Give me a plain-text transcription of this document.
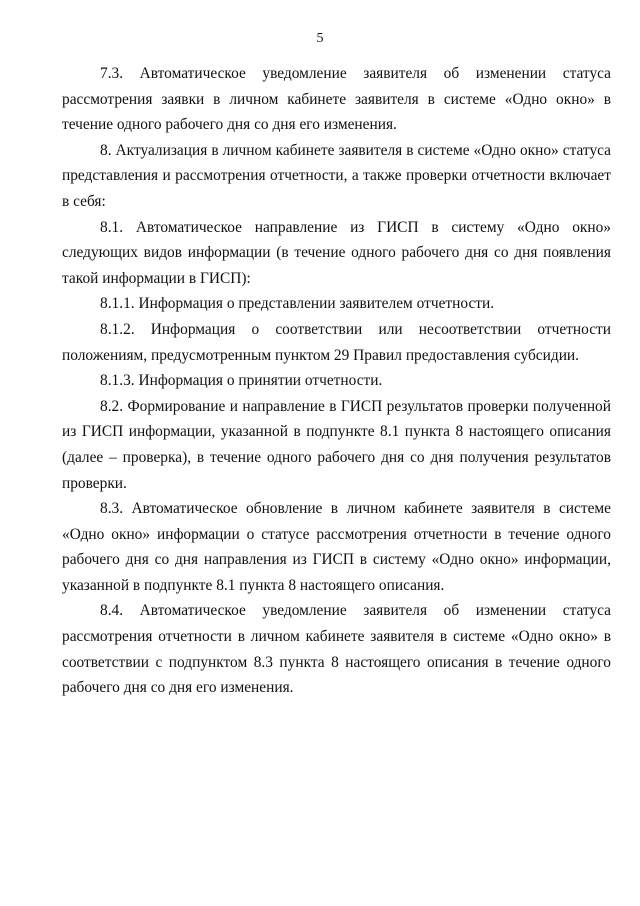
5

7.3. Автоматическое уведомление заявителя об изменении статуса рассмотрения заявки в личном кабинете заявителя в системе «Одно окно» в течение одного рабочего дня со дня его изменения.

8. Актуализация в личном кабинете заявителя в системе «Одно окно» статуса представления и рассмотрения отчетности, а также проверки отчетности включает в себя:

8.1. Автоматическое направление из ГИСП в систему «Одно окно» следующих видов информации (в течение одного рабочего дня со дня появления такой информации в ГИСП):

8.1.1. Информация о представлении заявителем отчетности.

8.1.2. Информация о соответствии или несоответствии отчетности положениям, предусмотренным пунктом 29 Правил предоставления субсидии.

8.1.3. Информация о принятии отчетности.

8.2. Формирование и направление в ГИСП результатов проверки полученной из ГИСП информации, указанной в подпункте 8.1 пункта 8 настоящего описания (далее – проверка), в течение одного рабочего дня со дня получения результатов проверки.

8.3. Автоматическое обновление в личном кабинете заявителя в системе «Одно окно» информации о статусе рассмотрения отчетности в течение одного рабочего дня со дня направления из ГИСП в систему «Одно окно» информации, указанной в подпункте 8.1 пункта 8 настоящего описания.

8.4. Автоматическое уведомление заявителя об изменении статуса рассмотрения отчетности в личном кабинете заявителя в системе «Одно окно» в соответствии с подпунктом 8.3 пункта 8 настоящего описания в течение одного рабочего дня со дня его изменения.
